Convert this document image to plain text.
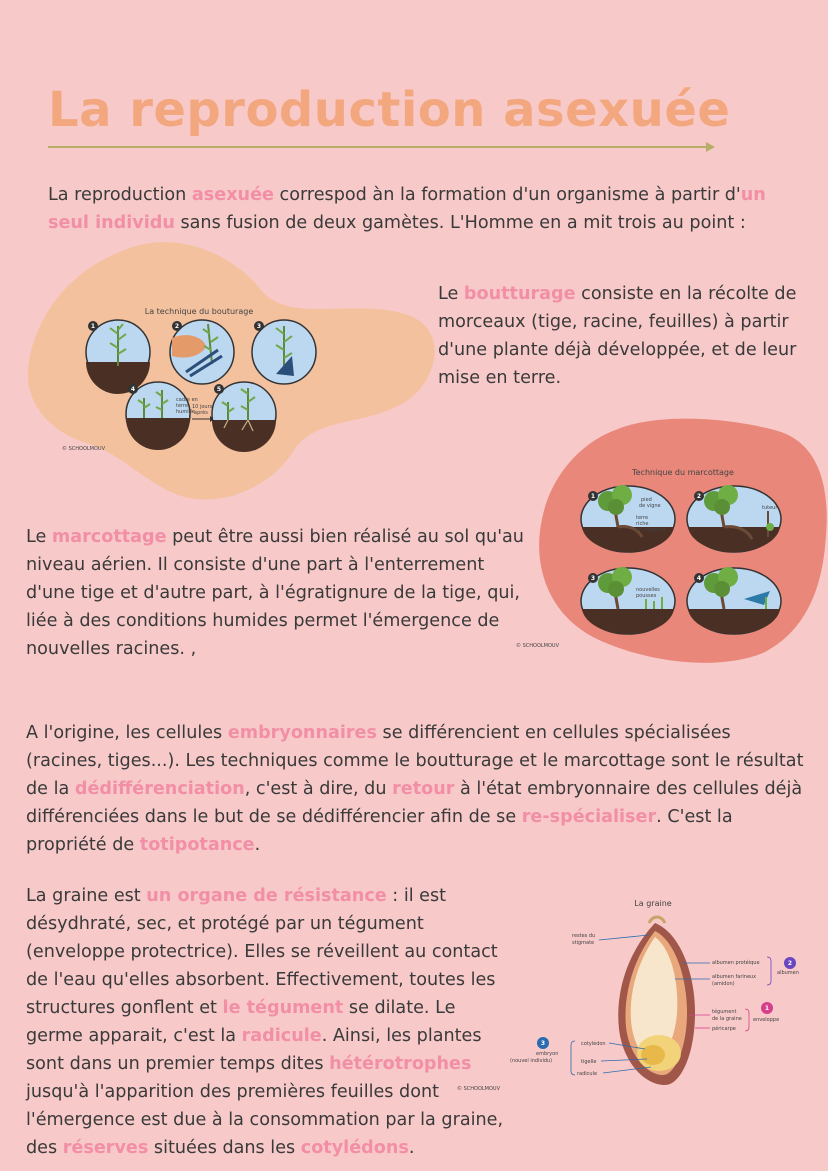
La reproduction asexuée

La reproduction asexuée correspod àn la formation d'un organisme à partir d'un seul individu sans fusion de deux gamètes. L'Homme en a mit trois au point :

La technique du bouturage
1	2	3
cadre en
terre
humide
4
10 jours
après
5
© SCHOOLMOUV

Le boutturage consiste en la récolte de morceaux (tige, racine, feuilles) à partir d'une plante déjà développée, et de leur mise en terre.

Technique du marcottage
pied
de vigne
terre
riche
en compost
1
tuteur
2
nouvelles
pousses
3	4
© SCHOOLMOUV

Le marcottage peut être aussi bien réalisé au sol qu'au niveau aérien. Il consiste d'une part à l'enterrement d'une tige et d'autre part, à l'égratignure de la tige, qui, liée à des conditions humides permet l'émergence de nouvelles racines. ,

A l'origine, les cellules embryonnaires se différencient en cellules spécialisées (racines, tiges...). Les techniques comme le boutturage et le marcottage sont le résultat de la dédifférenciation, c'est à dire, du retour à l'état embryonnaire des cellules déjà différenciées dans le but de se dédifférencier afin de se re-spécialiser. C'est la propriété de totipotance.

La graine est un organe de résistance : il est désydhraté, sec, et protégé par un tégument (enveloppe protectrice). Elles se réveillent au contact de l'eau qu'elles absorbent. Effectivement, toutes les structures gonflent et le tégument se dilate. Le germe apparait, c'est la radicule. Ainsi, les plantes sont dans un premier temps dites hétérotrophes jusqu'à l'apparition des premières feuilles dont l'émergence est due à la consommation par la graine, des réserves situées dans les cotylédons.

La graine
restes du
stigmate
albumen protéique
albumen farineux
(amidon)
2
albumen
tégument
de la graine
péricarpe
1
enveloppe
cotylédon
3
embryon
(nouvel individu)	tigelle
radicule
© SCHOOLMOUV
